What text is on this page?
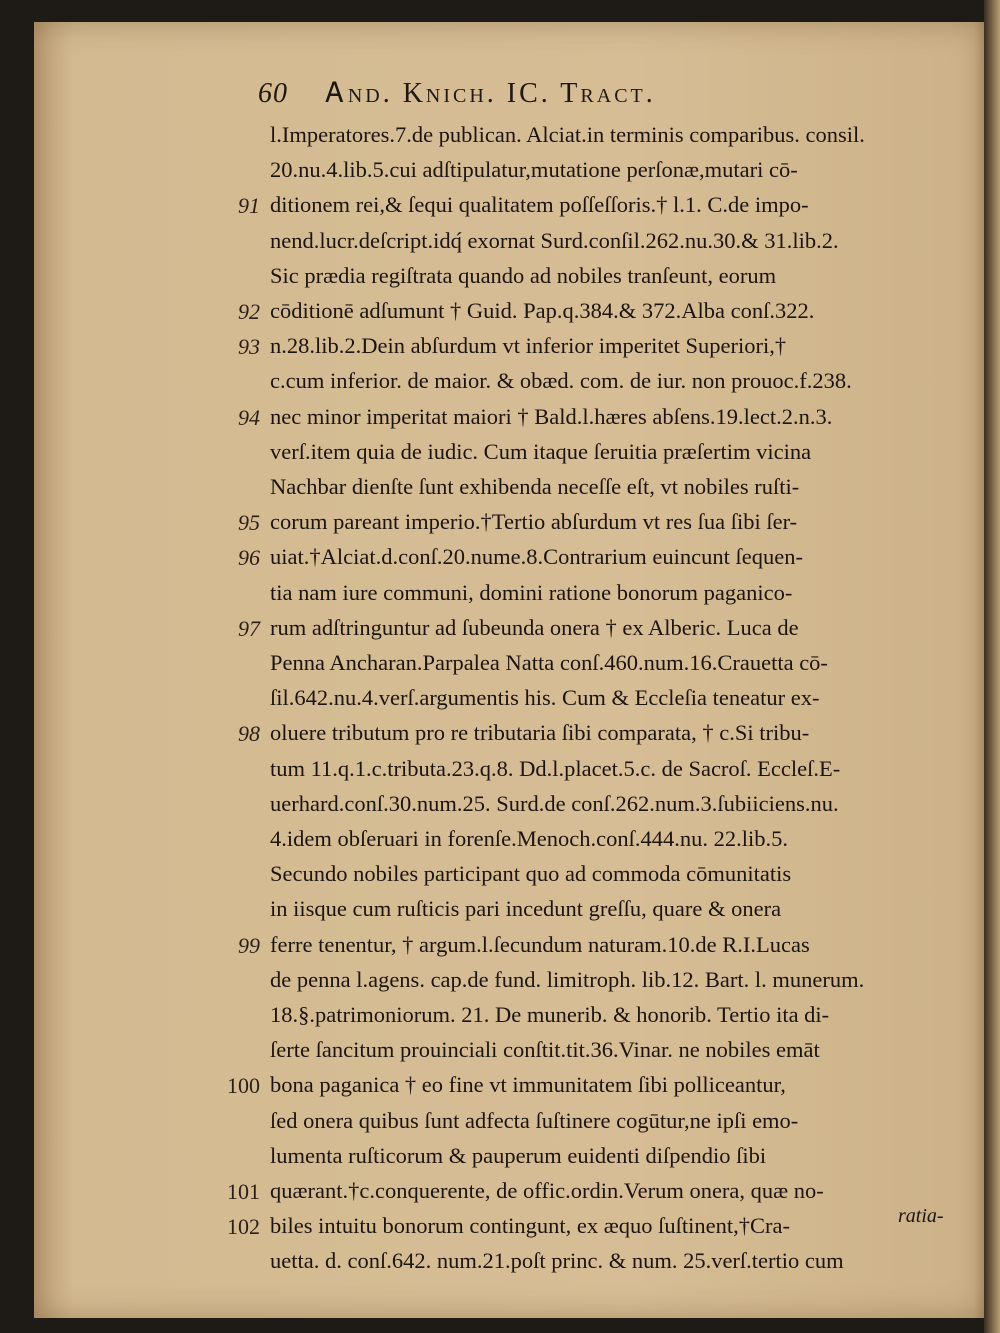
60 Ꭺnd. Knich. IC. Tract.
l.Imperatores.7.de publican. Alciat.in terminis comparibus. consil.
20.nu.4.lib.5.cui adſtipulatur,mutatione perſonæ,mutari cō-
ditionem rei,& ſequi qualitatem poſſeſſoris.† l.1. C.de impo-
nend.lucr.deſcript.idq́ exornat Surd.conſil.262.nu.30.& 31.lib.2.
Sic prædia regiſtrata quando ad nobiles tranſeunt, eorum
cōditionē adſumunt † Guid. Pap.q.384.& 372.Alba conſ.322.
n.28.lib.2.Dein abſurdum vt inferior imperitet Superiori,†
c.cum inferior. de maior. & obæd. com. de iur. non prouoc.f.238.
nec minor imperitat maiori † Bald.l.hæres abſens.19.lect.2.n.3.
verſ.item quia de iudic. Cum itaque ſeruitia præſertim vicina
Nachbar dienſte ſunt exhibenda neceſſe eſt, vt nobiles ruſti-
corum pareant imperio.†Tertio abſurdum vt res ſua ſibi ſer-
uiat.†Alciat.d.conſ.20.nume.8.Contrarium euincunt ſequen-
tia nam iure communi, domini ratione bonorum paganico-
rum adſtringuntur ad ſubeunda onera † ex Alberic. Luca de
Penna Ancharan.Parpalea Natta conſ.460.num.16.Crauetta cō-
ſil.642.nu.4.verſ.argumentis his. Cum & Eccleſia teneatur ex-
oluere tributum pro re tributaria ſibi comparata, † c.Si tribu-
tum 11.q.1.c.tributa.23.q.8. Dd.l.placet.5.c. de Sacroſ. Eccleſ.E-
uerhard.conſ.30.num.25. Surd.de conſ.262.num.3.ſubiiciens.nu.
4.idem obſeruari in forenſe.Menoch.conſ.444.nu. 22.lib.5.
Secundo nobiles participant quo ad commoda cōmunitatis
in iisque cum ruſticis pari incedunt greſſu, quare & onera
ferre tenentur, † argum.l.ſecundum naturam.10.de R.I.Lucas
de penna l.agens. cap.de fund. limitroph. lib.12. Bart. l. munerum.
18.§.patrimoniorum. 21. De munerib. & honorib. Tertio ita di-
ſerte ſancitum prouinciali conſtit.tit.36.Vinar. ne nobiles emāt
bona paganica † eo fine vt immunitatem ſibi polliceantur,
ſed onera quibus ſunt adfecta ſuſtinere cogūtur,ne ipſi emo-
lumenta ruſticorum & pauperum euidenti diſpendio ſibi
quærant.†c.conquerente, de offic.ordin.Verum onera, quæ no-
biles intuitu bonorum contingunt, ex æquo ſuſtinent,†Cra-
uetta. d. conſ.642. num.21.poſt princ. & num. 25.verſ.tertio cum
91
92
93
94
95
96
97
98
99
100
101
102	ratia-
